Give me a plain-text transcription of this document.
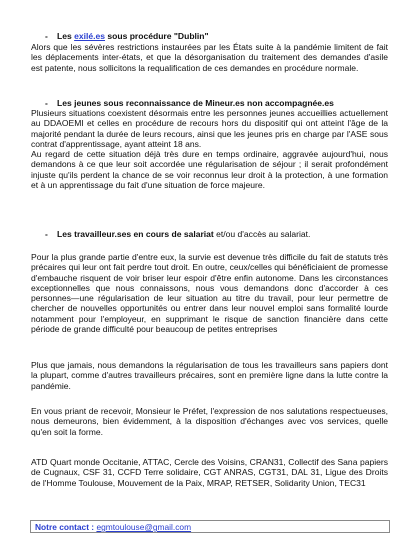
- Les exilé.es sous procédure "Dublin"

Alors que les sévères restrictions instaurées par les États suite à la pandémie limitent de fait les déplacements inter-états, et que la désorganisation du traitement des demandes d'asile est patente, nous sollicitons la requalification de ces demandes en procédure normale.

- Les jeunes sous reconnaissance de Mineur.es non accompagnée.es

Plusieurs situations coexistent désormais entre les personnes jeunes accueillies actuellement au DDAOEMI et celles en procédure de recours hors du dispositif qui ont atteint l'âge de la majorité pendant la durée de leurs recours, ainsi que les jeunes pris en charge par l'ASE sous contrat d'apprentissage, ayant atteint 18 ans.

Au regard de cette situation déjà très dure en temps ordinaire, aggravée aujourd'hui, nous demandons à ce que leur soit accordée une régularisation de séjour ; il serait profondément injuste qu'ils perdent la chance de se voir reconnus leur droit à la protection, à une formation et à un apprentissage du fait d'une situation de force majeure.

- Les travailleur.ses en cours de salariat et/ou d'accès au salariat.

Pour la plus grande partie d'entre eux, la survie est devenue très difficile du fait de statuts très précaires qui leur ont fait perdre tout droit. En outre, ceux/celles qui bénéficiaient de promesse d'embauche risquent de voir briser leur espoir d'être enfin autonome. Dans les circonstances exceptionnelles que nous connaissons, nous vous demandons donc d'accorder à ces personnes—une régularisation de leur situation au titre du travail, pour leur permettre de chercher de nouvelles opportunités ou entrer dans leur nouvel emploi sans formalité lourde notamment pour l'employeur, en supprimant le risque de sanction financière dans cette période de grande difficulté pour beaucoup de petites entreprises

Plus que jamais, nous demandons la régularisation de tous les travailleurs sans papiers dont la plupart, comme d'autres travailleurs précaires, sont en première ligne dans la lutte contre la pandémie.

En vous priant de recevoir, Monsieur le Préfet, l'expression de nos salutations respectueuses, nous demeurons, bien évidemment, à la disposition d'échanges avec vos services, quelle qu'en soit la forme.

ATD Quart monde Occitanie, ATTAC, Cercle des Voisins, CRAN31, Collectif des Sana papiers de Cugnaux, CSF 31, CCFD Terre solidaire, CGT ANRAS, CGT31, DAL 31, Ligue des Droits de l'Homme Toulouse, Mouvement de la Paix, MRAP, RETSER, Solidarity Union, TEC31

Notre contact : egmtoulouse@gmail.com
